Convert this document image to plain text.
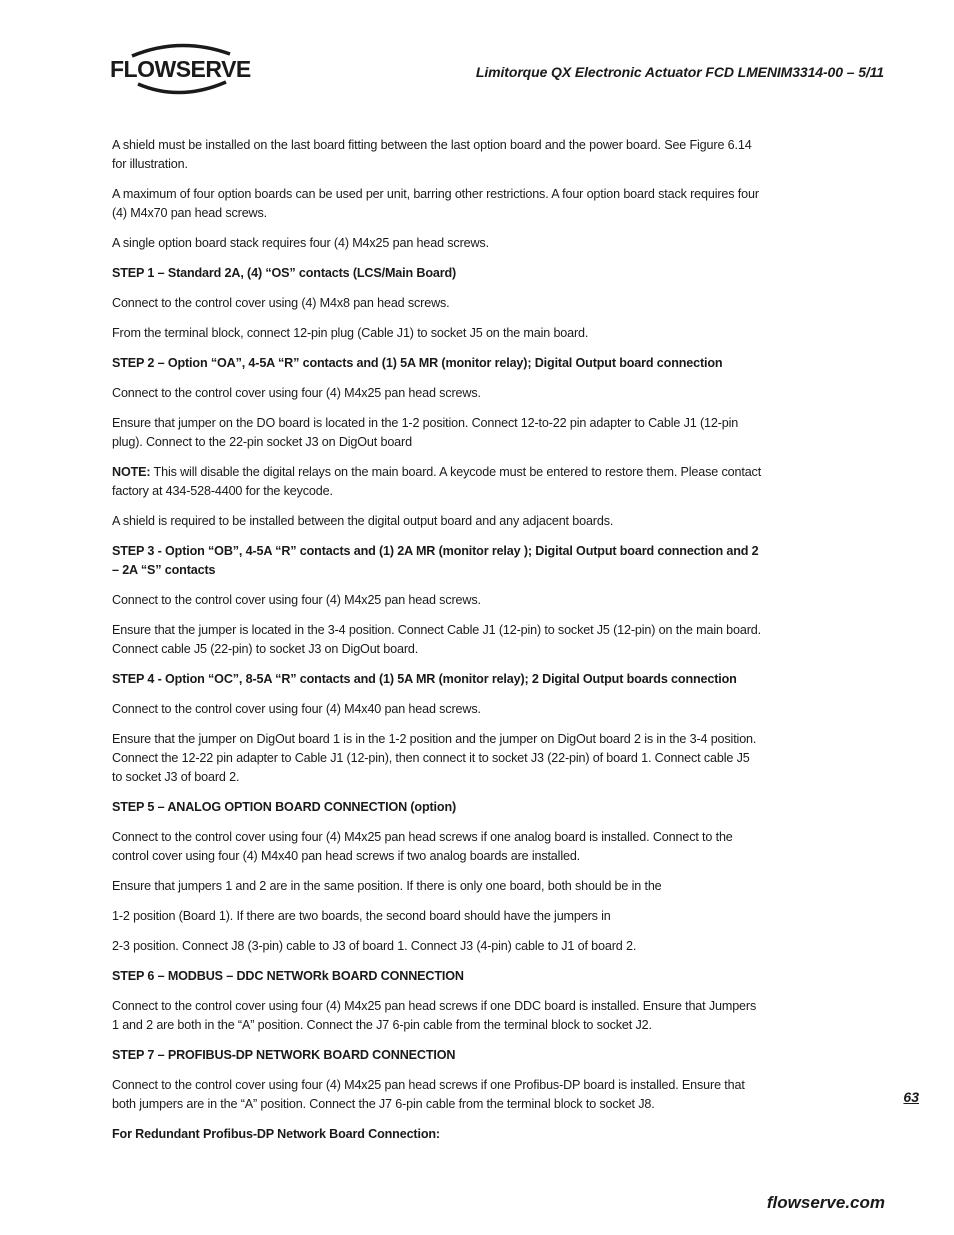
FLOWSERVE	Limitorque QX Electronic Actuator FCD LMENIM3314-00 – 5/11

A shield must be installed on the last board fitting between the last option board and the power board. See Figure 6.14 for illustration.

A maximum of four option boards can be used per unit, barring other restrictions. A four option board stack requires four (4) M4x70 pan head screws.

A single option board stack requires four (4) M4x25 pan head screws.

STEP 1 – Standard 2A, (4) “OS” contacts (LCS/Main Board)

Connect to the control cover using (4) M4x8 pan head screws.

From the terminal block, connect 12-pin plug (Cable J1) to socket J5 on the main board.

STEP 2 – Option “OA”, 4-5A “R” contacts and (1) 5A MR (monitor relay); Digital Output board connection

Connect to the control cover using four (4) M4x25 pan head screws.

Ensure that jumper on the DO board is located in the 1-2 position. Connect 12-to-22 pin adapter to Cable J1 (12-pin plug). Connect to the 22-pin socket J3 on DigOut board

NOTE: This will disable the digital relays on the main board. A keycode must be entered to restore them. Please contact factory at 434-528-4400 for the keycode.

A shield is required to be installed between the digital output board and any adjacent boards.

STEP 3 - Option “OB”, 4-5A “R” contacts and (1) 2A MR (monitor relay ); Digital Output board connection and 2 – 2A “S” contacts

Connect to the control cover using four (4) M4x25 pan head screws.

Ensure that the jumper is located in the 3-4 position. Connect Cable J1 (12-pin) to socket J5 (12-pin) on the main board. Connect cable J5 (22-pin) to socket J3 on DigOut board.

STEP 4 - Option “OC”, 8-5A “R” contacts and (1) 5A MR (monitor relay); 2 Digital Output boards connection

Connect to the control cover using four (4) M4x40 pan head screws.

Ensure that the jumper on DigOut board 1 is in the 1-2 position and the jumper on DigOut board 2 is in the 3-4 position. Connect the 12-22 pin adapter to Cable J1 (12-pin), then connect it to socket J3 (22-pin) of board 1. Connect cable J5 to socket J3 of board 2.

STEP 5 – ANALOG OPTION BOARD CONNECTION (option)

Connect to the control cover using four (4) M4x25 pan head screws if one analog board is installed. Connect to the control cover using four (4) M4x40 pan head screws if two analog boards are installed.

Ensure that jumpers 1 and 2 are in the same position. If there is only one board, both should be in the

1-2 position (Board 1). If there are two boards, the second board should have the jumpers in

2-3 position. Connect J8 (3-pin) cable to J3 of board 1. Connect J3 (4-pin) cable to J1 of board 2.

STEP 6 – MODBUS – DDC NETWORk BOARD CONNECTION

Connect to the control cover using four (4) M4x25 pan head screws if one DDC board is installed. Ensure that Jumpers 1 and 2 are both in the “A” position. Connect the J7 6-pin cable from the terminal block to socket J2.

STEP 7 – PROFIBUS-DP NETWORK BOARD CONNECTION

Connect to the control cover using four (4) M4x25 pan head screws if one Profibus-DP board is installed. Ensure that both jumpers are in the “A” position. Connect the J7 6-pin cable from the terminal block to socket J8.

For Redundant Profibus-DP Network Board Connection:

63
flowserve.com
